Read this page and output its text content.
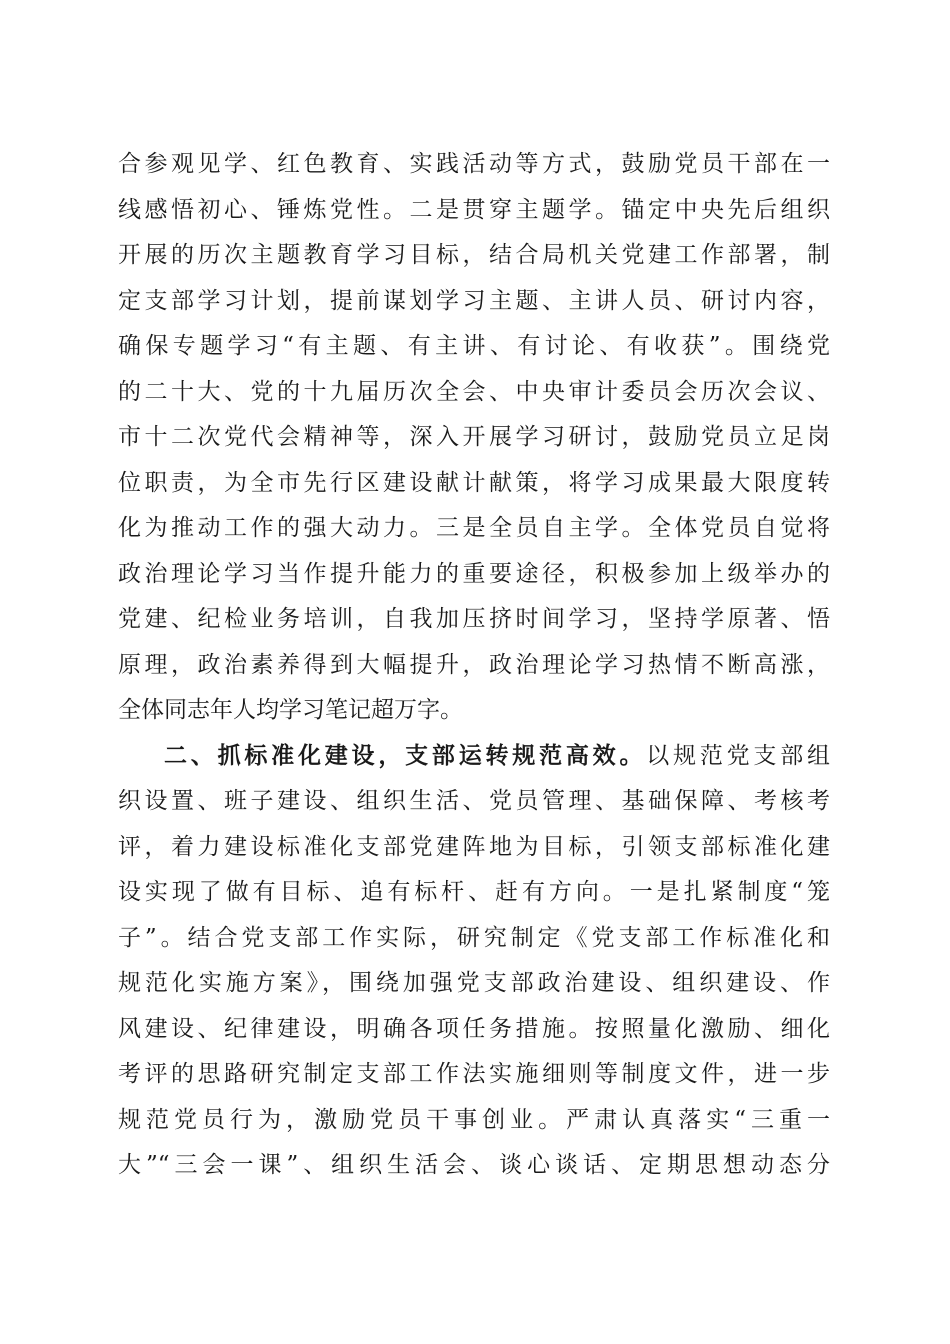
合参观见学、红色教育、实践活动等方式，鼓励党员干部在一
线感悟初心、锤炼党性。二是贯穿主题学。锚定中央先后组织
开展的历次主题教育学习目标，结合局机关党建工作部署，制
定支部学习计划，提前谋划学习主题、主讲人员、研讨内容，
确保专题学习“有主题、有主讲、有讨论、有收获”。围绕党
的二十大、党的十九届历次全会、中央审计委员会历次会议、
市十二次党代会精神等，深入开展学习研讨，鼓励党员立足岗
位职责，为全市先行区建设献计献策，将学习成果最大限度转
化为推动工作的强大动力。三是全员自主学。全体党员自觉将
政治理论学习当作提升能力的重要途径，积极参加上级举办的
党建、纪检业务培训，自我加压挤时间学习，坚持学原著、悟
原理，政治素养得到大幅提升，政治理论学习热情不断高涨，
全体同志年人均学习笔记超万字。
二、抓标准化建设，支部运转规范高效。以规范党支部组
织设置、班子建设、组织生活、党员管理、基础保障、考核考
评，着力建设标准化支部党建阵地为目标，引领支部标准化建
设实现了做有目标、追有标杆、赶有方向。一是扎紧制度“笼
子”。结合党支部工作实际，研究制定《党支部工作标准化和
规范化实施方案》，围绕加强党支部政治建设、组织建设、作
风建设、纪律建设，明确各项任务措施。按照量化激励、细化
考评的思路研究制定支部工作法实施细则等制度文件，进一步
规范党员行为，激励党员干事创业。严肃认真落实“三重一
大”“三会一课”、组织生活会、谈心谈话、定期思想动态分
